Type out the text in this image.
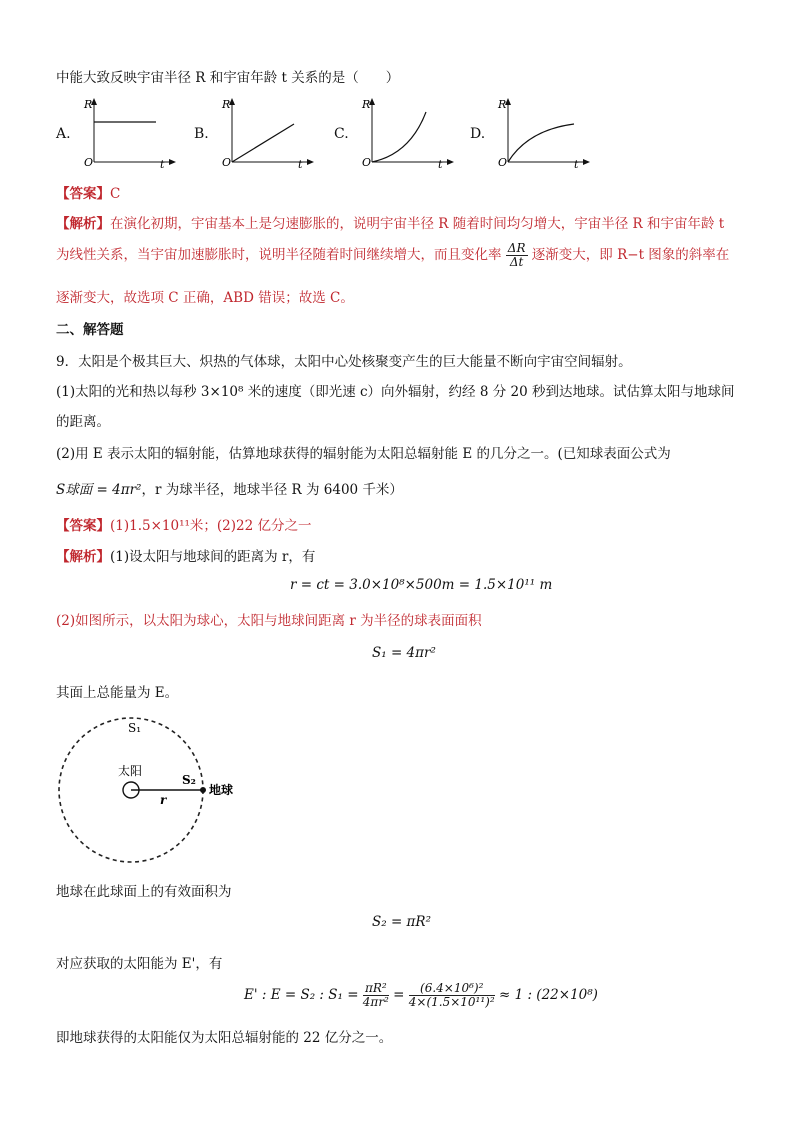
中能大致反映宇宙半径 R 和宇宙年龄 t 关系的是（　　）
A.
R
t
O
B.
R
t
O
C.
R
t
O
D.
R
t
O
【答案】C
【解析】在演化初期，宇宙基本上是匀速膨胀的，说明宇宙半径 R 随着时间均匀增大，宇宙半径 R 和宇宙年龄 t
为线性关系，当宇宙加速膨胀时，说明半径随着时间继续增大，而且变化率 $\frac{\Delta R}{\Delta t}$ 逐渐变大，即 R−t 图象的斜率在
逐渐变大，故选项 C 正确，ABD 错误；故选 C。
二、解答题
9．太阳是个极其巨大、炽热的气体球，太阳中心处核聚变产生的巨大能量不断向宇宙空间辐射。
(1)太阳的光和热以每秒 3×10⁸ 米的速度（即光速 c）向外辐射，约经 8 分 20 秒到达地球。试估算太阳与地球间
的距离。
(2)用 E 表示太阳的辐射能，估算地球获得的辐射能为太阳总辐射能 E 的几分之一。(已知球表面公式为
S球面 = 4πr²，r 为球半径，地球半径 R 为 6400 千米）
【答案】(1)1.5×10¹¹米；(2)22 亿分之一
【解析】(1)设太阳与地球间的距离为 r，有
r = ct = 3.0×10⁸×500m = 1.5×10¹¹ m
(2)如图所示，以太阳为球心，太阳与地球间距离 r 为半径的球表面面积
S₁ = 4πr²
其面上总能量为 E。
S₁
太阳
S₂
r
地球
地球在此球面上的有效面积为
S₂ = πR²
对应获取的太阳能为 E'，有
E' : E = S₂ : $S_1 = \frac{\text{πR²}}{\text{4πr²}} = \frac{\text{(6.4×10⁶)²}}{\text{4×(1.5×10¹¹)²}} \approx 1$ : (22×10⁸)
即地球获得的太阳能仅为太阳总辐射能的 22 亿分之一。
